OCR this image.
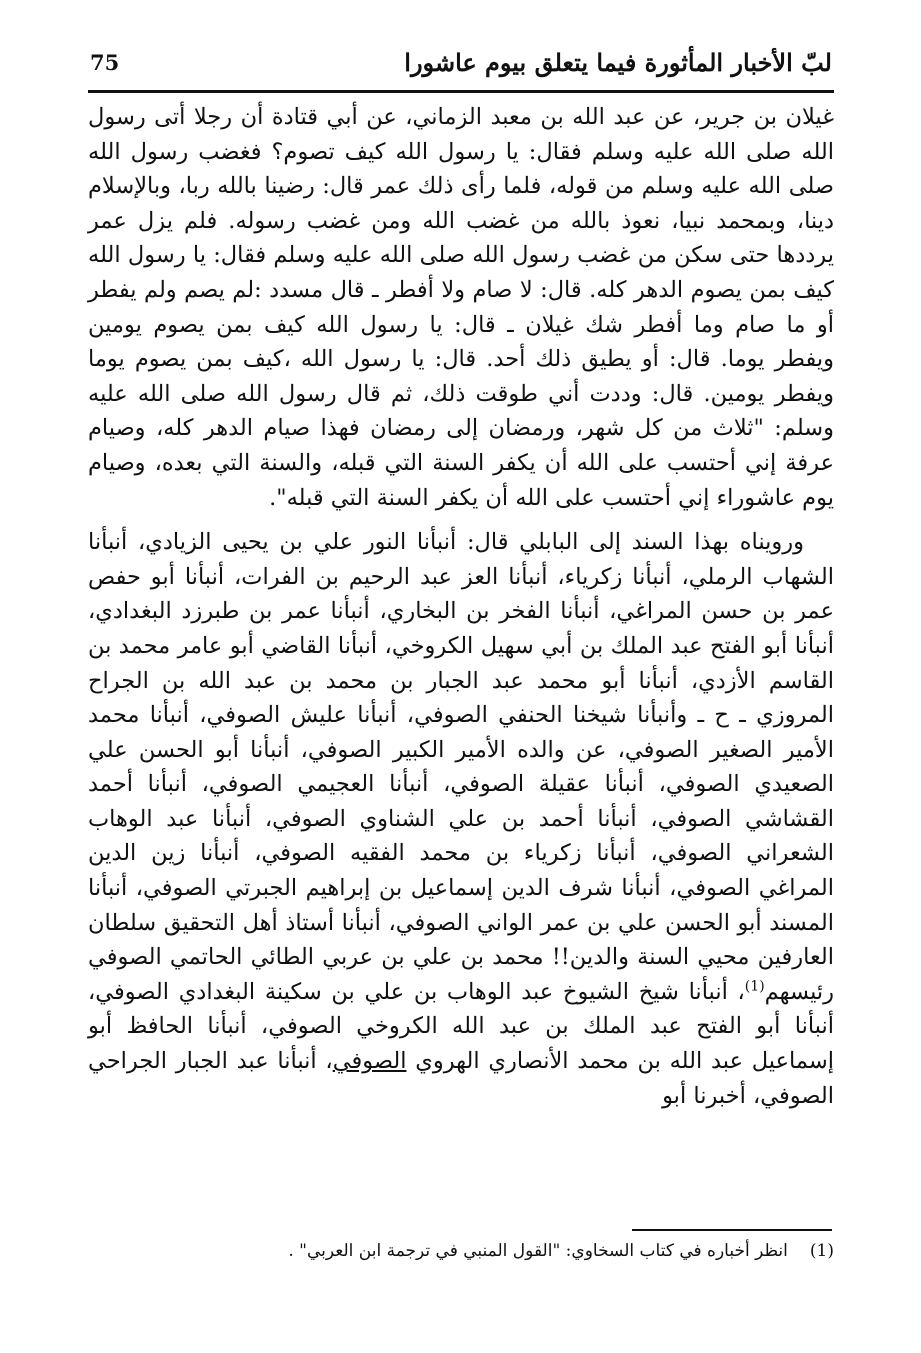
لبّ الأخبار المأثورة فيما يتعلق بيوم عاشورا
75

غيلان بن جرير، عن عبد الله بن معبد الزماني، عن أبي قتادة أن رجلا أتى رسول الله صلى الله عليه وسلم فقال: يا رسول الله كيف تصوم؟ فغضب رسول الله صلى الله عليه وسلم من قوله، فلما رأى ذلك عمر قال: رضينا بالله ربا، وبالإسلام دينا، وبمحمد نبيا، نعوذ بالله من غضب الله ومن غضب رسوله. فلم يزل عمر يرددها حتى سكن من غضب رسول الله صلى الله عليه وسلم فقال: يا رسول الله كيف بمن يصوم الدهر كله. قال: لا صام ولا أفطر ـ قال مسدد :لم يصم ولم يفطر أو ما صام وما أفطر شك غيلان ـ قال: يا رسول الله كيف بمن يصوم يومين ويفطر يوما. قال: أو يطيق ذلك أحد. قال: يا رسول الله ،كيف بمن يصوم يوما ويفطر يومين. قال: وددت أني طوقت ذلك، ثم قال رسول الله صلى الله عليه وسلم: "ثلاث من كل شهر، ورمضان إلى رمضان فهذا صيام الدهر كله، وصيام عرفة إني أحتسب على الله أن يكفر السنة التي قبله، والسنة التي بعده، وصيام يوم عاشوراء إني أحتسب على الله أن يكفر السنة التي قبله".

ورويناه بهذا السند إلى البابلي قال: أنبأنا النور علي بن يحيى الزيادي، أنبأنا الشهاب الرملي، أنبأنا زكرياء، أنبأنا العز عبد الرحيم بن الفرات، أنبأنا أبو حفص عمر بن حسن المراغي، أنبأنا الفخر بن البخاري، أنبأنا عمر بن طبرزد البغدادي، أنبأنا أبو الفتح عبد الملك بن أبي سهيل الكروخي، أنبأنا القاضي أبو عامر محمد بن القاسم الأزدي، أنبأنا أبو محمد عبد الجبار بن محمد بن عبد الله بن الجراح المروزي ـ ح ـ وأنبأنا شيخنا الحنفي الصوفي، أنبأنا عليش الصوفي، أنبأنا محمد الأمير الصغير الصوفي، عن والده الأمير الكبير الصوفي، أنبأنا أبو الحسن علي الصعيدي الصوفي، أنبأنا عقيلة الصوفي، أنبأنا العجيمي الصوفي، أنبأنا أحمد القشاشي الصوفي، أنبأنا أحمد بن علي الشناوي الصوفي، أنبأنا عبد الوهاب الشعراني الصوفي، أنبأنا زكرياء بن محمد الفقيه الصوفي، أنبأنا زين الدين المراغي الصوفي، أنبأنا شرف الدين إسماعيل بن إبراهيم الجبرتي الصوفي، أنبأنا المسند أبو الحسن علي بن عمر الواني الصوفي، أنبأنا أستاذ أهل التحقيق سلطان العارفين محيي السنة والدين!! محمد بن علي بن عربي الطائي الحاتمي الصوفي رئيسهم$^{(1)}$، أنبأنا شيخ الشيوخ عبد الوهاب بن علي بن سكينة البغدادي الصوفي، أنبأنا أبو الفتح عبد الملك بن عبد الله الكروخي الصوفي، أنبأنا الحافظ أبو إسماعيل عبد الله بن محمد الأنصاري الهروي الصوفي، أنبأنا عبد الجبار الجراحي الصوفي، أخبرنا أبو

(1)انظر أخباره في كتاب السخاوي: "القول المنبي في ترجمة ابن العربي" .
